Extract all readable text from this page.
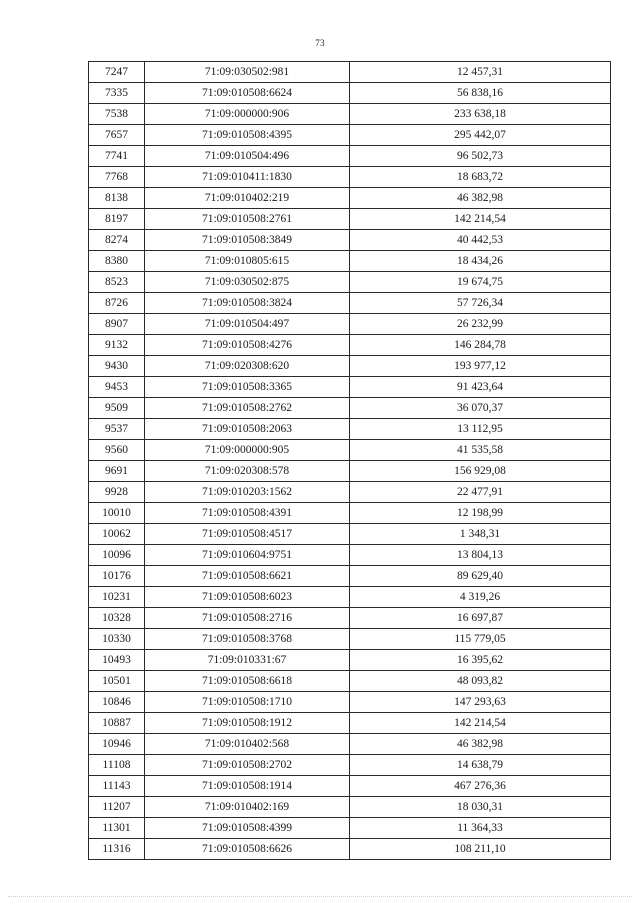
73
7247	71:09:030502:981	12 457,31
7335	71:09:010508:6624	56 838,16
7538	71:09:000000:906	233 638,18
7657	71:09:010508:4395	295 442,07
7741	71:09:010504:496	96 502,73
7768	71:09:010411:1830	18 683,72
8138	71:09:010402:219	46 382,98
8197	71:09:010508:2761	142 214,54
8274	71:09:010508:3849	40 442,53
8380	71:09:010805:615	18 434,26
8523	71:09:030502:875	19 674,75
8726	71:09:010508:3824	57 726,34
8907	71:09:010504:497	26 232,99
9132	71:09:010508:4276	146 284,78
9430	71:09:020308:620	193 977,12
9453	71:09:010508:3365	91 423,64
9509	71:09:010508:2762	36 070,37
9537	71:09:010508:2063	13 112,95
9560	71:09:000000:905	41 535,58
9691	71:09:020308:578	156 929,08
9928	71:09:010203:1562	22 477,91
10010	71:09:010508:4391	12 198,99
10062	71:09:010508:4517	1 348,31
10096	71:09:010604:9751	13 804,13
10176	71:09:010508:6621	89 629,40
10231	71:09:010508:6023	4 319,26
10328	71:09:010508:2716	16 697,87
10330	71:09:010508:3768	115 779,05
10493	71:09:010331:67	16 395,62
10501	71:09:010508:6618	48 093,82
10846	71:09:010508:1710	147 293,63
10887	71:09:010508:1912	142 214,54
10946	71:09:010402:568	46 382,98
11108	71:09:010508:2702	14 638,79
11143	71:09:010508:1914	467 276,36
11207	71:09:010402:169	18 030,31
11301	71:09:010508:4399	11 364,33
11316	71:09:010508:6626	108 211,10
